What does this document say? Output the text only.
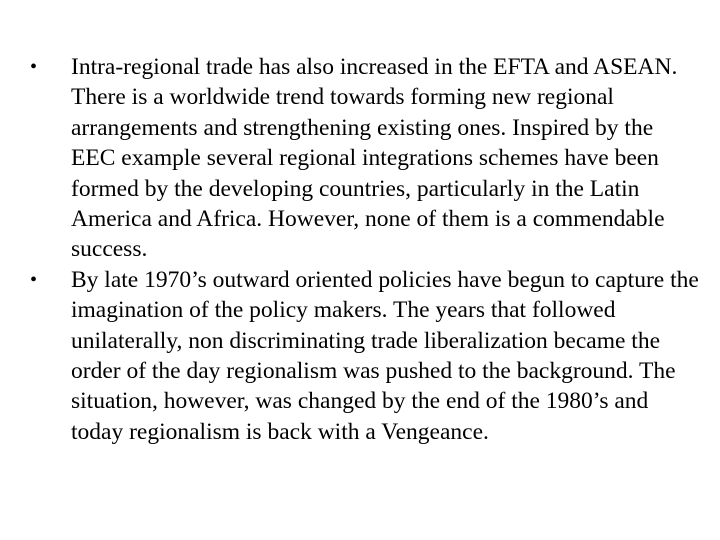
•	Intra-regional trade has also increased in the EFTA and ASEAN. There is a worldwide trend towards forming new regional arrangements and strengthening existing ones. Inspired by the EEC example several regional integrations schemes have been formed by the developing countries, particularly in the Latin America and Africa. However, none of them is a commendable success.
•	By late 1970’s outward oriented policies have begun to capture the imagination of the policy makers. The years that followed unilaterally, non discriminating trade liberalization became the order of the day regionalism was pushed to the background. The situation, however, was changed by the end of the 1980’s and today regionalism is back with a Vengeance.
